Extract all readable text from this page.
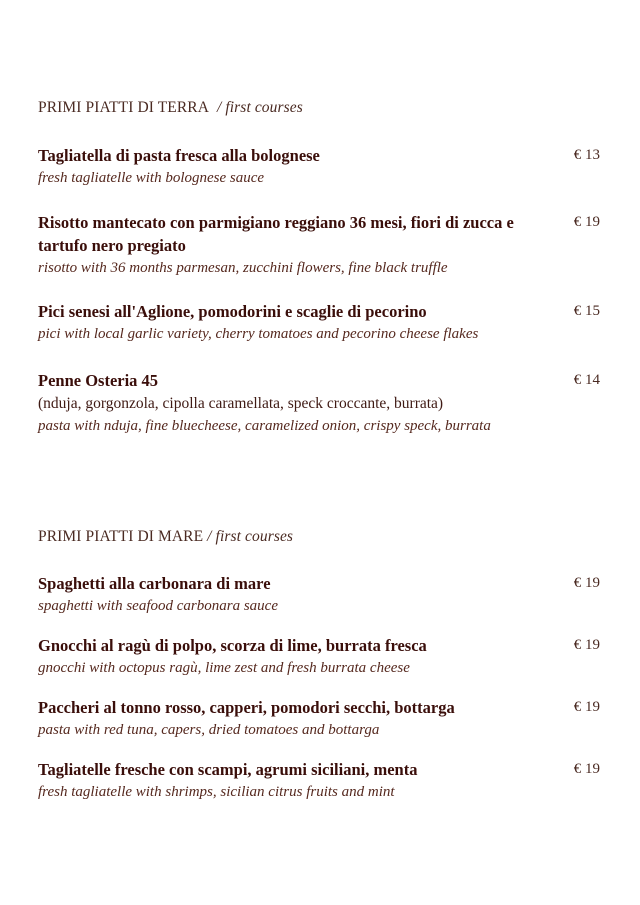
PRIMI PIATTI DI TERRA / first courses
Tagliatella di pasta fresca alla bolognese
fresh tagliatelle with bolognese sauce
€ 13
Risotto mantecato con parmigiano reggiano 36 mesi, fiori di zucca e tartufo nero pregiato
risotto with 36 months parmesan, zucchini flowers, fine black truffle
€ 19
Pici senesi all'Aglione, pomodorini e scaglie di pecorino
pici with local garlic variety, cherry tomatoes and pecorino cheese flakes
€ 15
Penne Osteria 45
(nduja, gorgonzola, cipolla caramellata, speck croccante, burrata)
pasta with nduja, fine bluecheese, caramelized onion, crispy speck, burrata
€ 14
PRIMI PIATTI DI MARE / first courses
Spaghetti alla carbonara di mare
spaghetti with seafood carbonara sauce
€ 19
Gnocchi al ragù di polpo, scorza di lime, burrata fresca
gnocchi with octopus ragù, lime zest and fresh burrata cheese
€ 19
Paccheri al tonno rosso, capperi, pomodori secchi, bottarga
pasta with red tuna, capers, dried tomatoes and bottarga
€ 19
Tagliatelle fresche con scampi, agrumi siciliani, menta
fresh tagliatelle with shrimps, sicilian citrus fruits and mint
€ 19
